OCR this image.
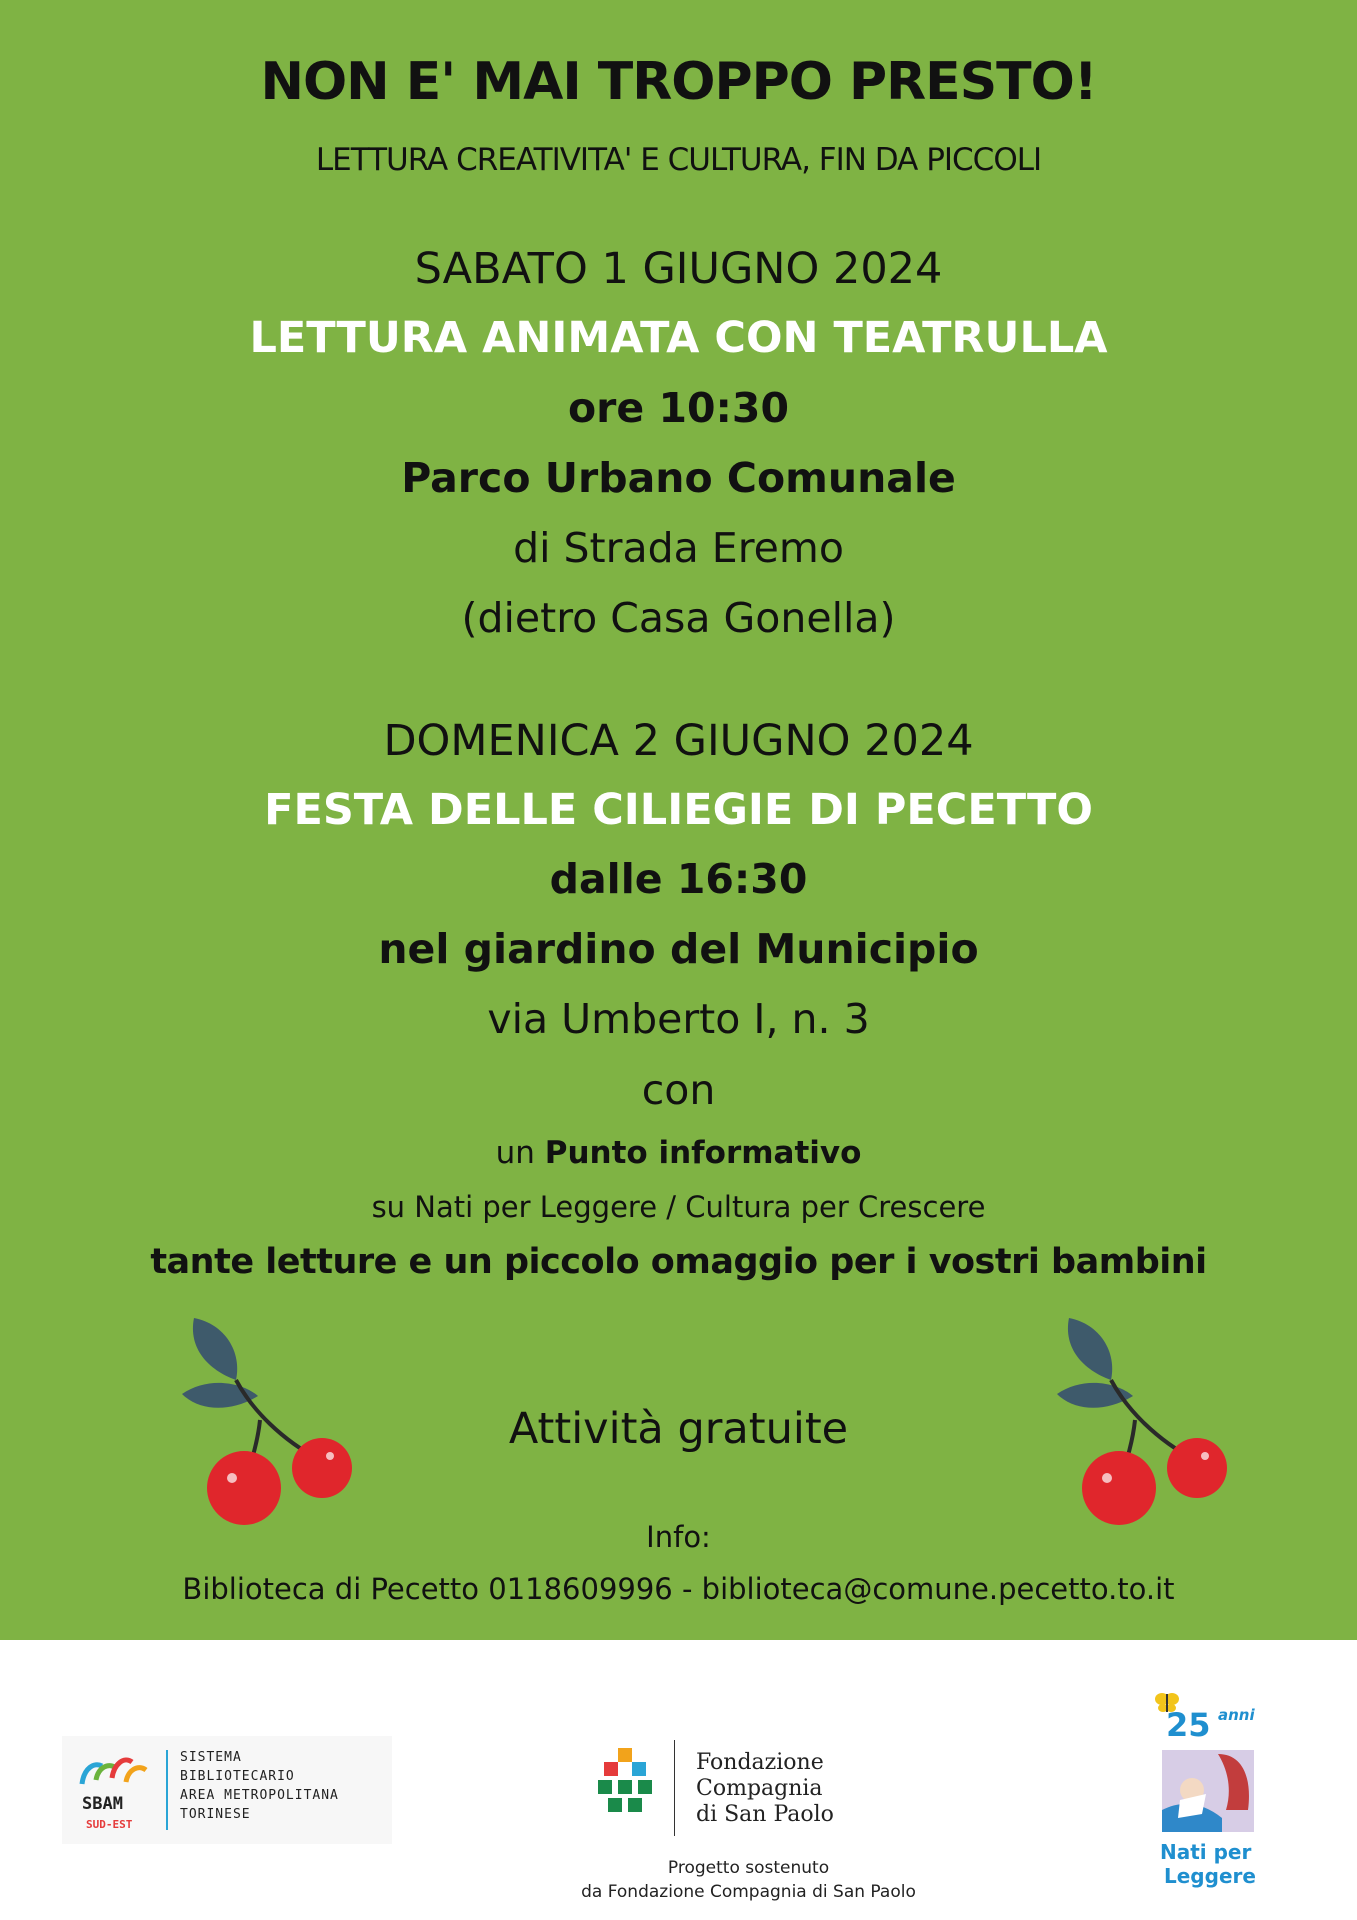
NON E' MAI TROPPO PRESTO!
LETTURA CREATIVITA' E CULTURA, FIN DA PICCOLI
SABATO 1 GIUGNO 2024
LETTURA ANIMATA CON TEATRULLA
ore 10:30
Parco Urbano Comunale
di Strada Eremo
(dietro Casa Gonella)
DOMENICA 2 GIUGNO 2024
FESTA DELLE CILIEGIE DI PECETTO
dalle 16:30
nel giardino del Municipio
via Umberto I, n. 3
con
un Punto informativo
su Nati per Leggere / Cultura per Crescere
tante letture e un piccolo omaggio per i vostri bambini
Attività gratuite
Info:
Biblioteca di Pecetto 0118609996 - biblioteca@comune.pecetto.to.it
SBAM
SUD-EST
SISTEMA
BIBLIOTECARIO
AREA METROPOLITANA
TORINESE
Fondazione
Compagnia
di San Paolo
Progetto sostenuto
da Fondazione Compagnia di San Paolo
25 anni
Nati per
Leggere
